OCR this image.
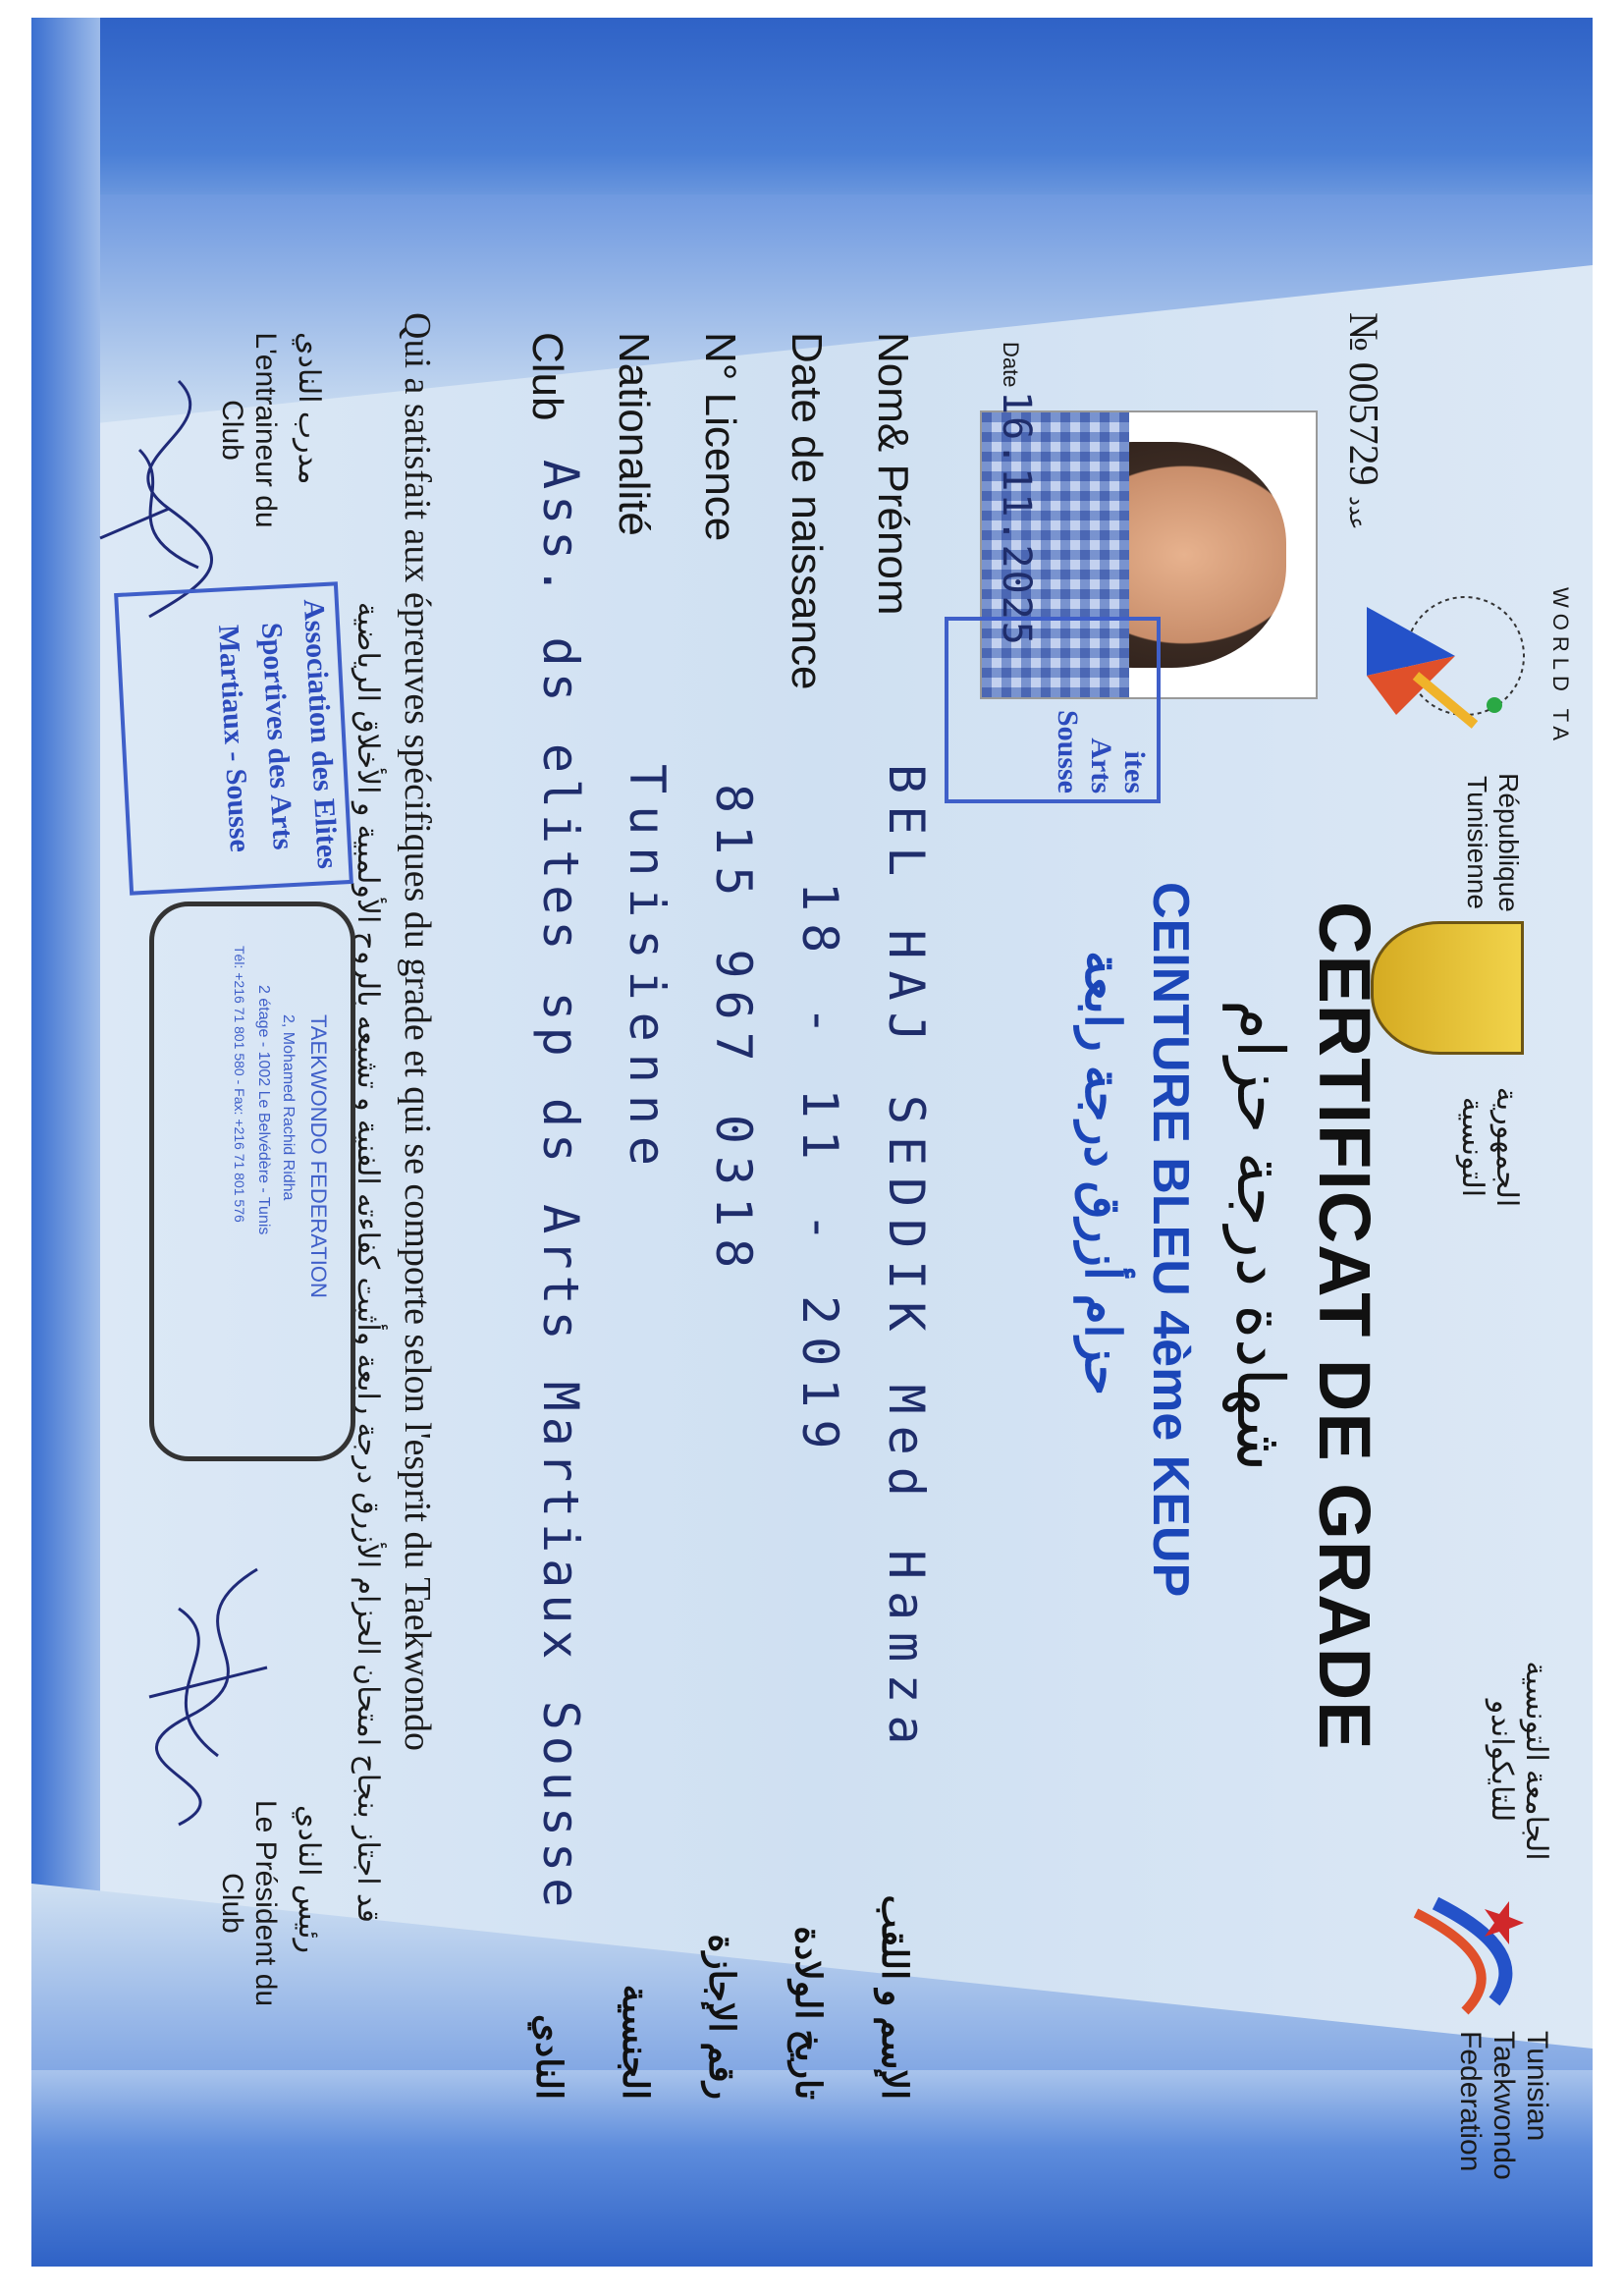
WORLD TA
République Tunisienne
الجمهورية التونسية
الجامعة التونسية للتايكواندو
Tunisian Taekwondo Federation
№ 005729 عدد
ites
Arts
Sousse
Date
16.11.2025
CERTIFICAT DE GRADE
شهادة درجة حزام
CEINTURE BLEU 4ème KEUP
حزام أزرق درجة رابعة
Nom& Prénom
BEL HAJ SEDDIK Med Hamza
الإسم و اللقب
Date de naissance
18 - 11 - 2019
تاريخ الولادة
N° Licence
815 967 0318
رقم الإجازة
Nationalité
Tunisienne
الجنسية
Club
Ass. ds elites sp ds Arts Martiaux Sousse
النادي
Qui a satisfait aux épreuves spécifiques du grade et qui se comporte selon l'esprit du Taekwondo
قد اجتاز بنجاح امتحان الحزام الأزرق درجة رابعة وأثبت كفاءته الفنية و تشبعه بالروح الأولمبية و الأخلاق الرياضية
مدرب النادي
L'entraineur du Club
Association des Elites
Sportives des Arts
Martiaux - Sousse
TAEKWONDO FEDERATION
2, Mohamed Rachid Ridha
2 étage - 1002 Le Belvédère - Tunis
Tél: +216 71 801 580 - Fax: +216 71 801 576
رئيس النادي
Le Président du Club
